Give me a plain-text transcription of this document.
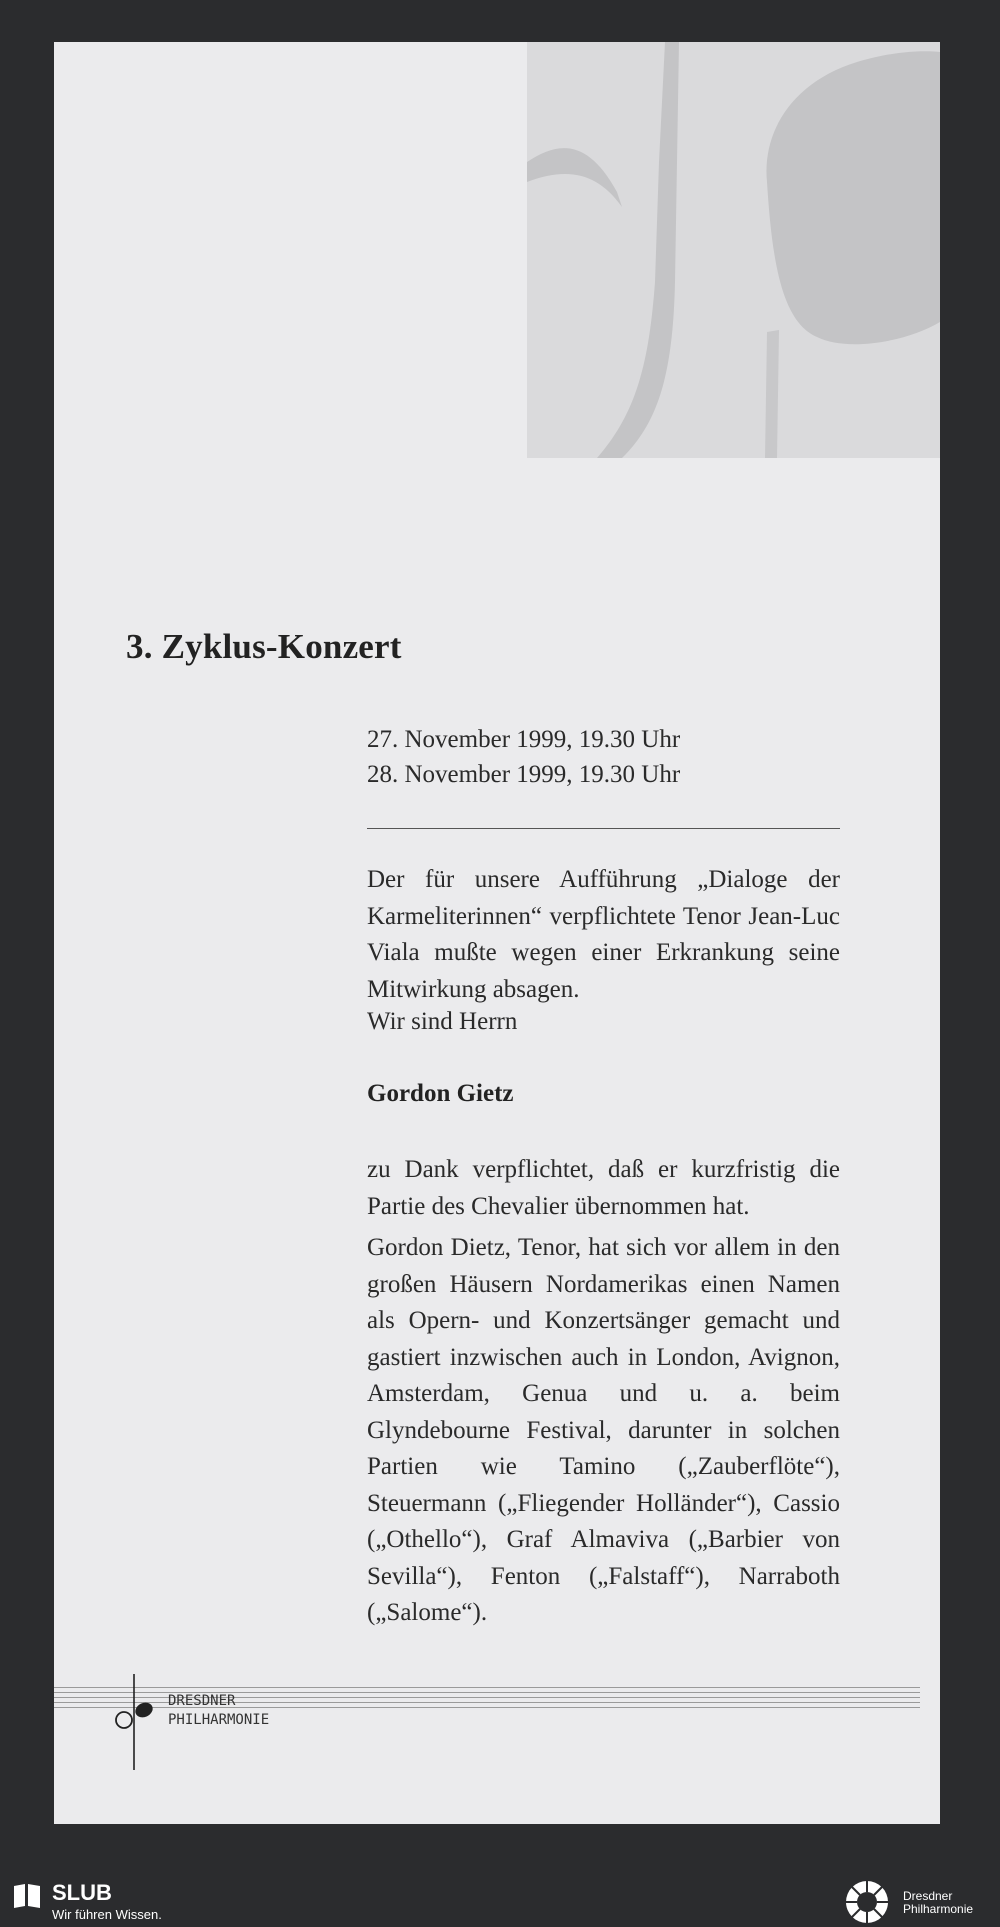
3. Zyklus-Konzert
27. November 1999, 19.30 Uhr
28. November 1999, 19.30 Uhr
Der für unsere Aufführung „Dialoge der Karmeliterinnen“ verpflichtete Tenor Jean-Luc Viala mußte wegen einer Erkrankung seine Mitwirkung absagen.
Wir sind Herrn
Gordon Gietz
zu Dank verpflichtet, daß er kurzfristig die Partie des Chevalier übernommen hat.
Gordon Dietz, Tenor, hat sich vor allem in den großen Häusern Nordamerikas einen Namen als Opern- und Konzertsänger gemacht und gastiert inzwischen auch in London, Avignon, Amsterdam, Genua und u. a. beim Glyndebourne Festival, darunter in solchen Partien wie Tamino („Zauberflöte“), Steuermann („Fliegender Holländer“), Cassio („Othello“), Graf Almaviva („Barbier von Sevilla“), Fenton („Falstaff“), Narraboth („Salome“).
DRESDNER
PHILHARMONIE
SLUB
Wir führen Wissen.
Dresdner
Philharmonie
